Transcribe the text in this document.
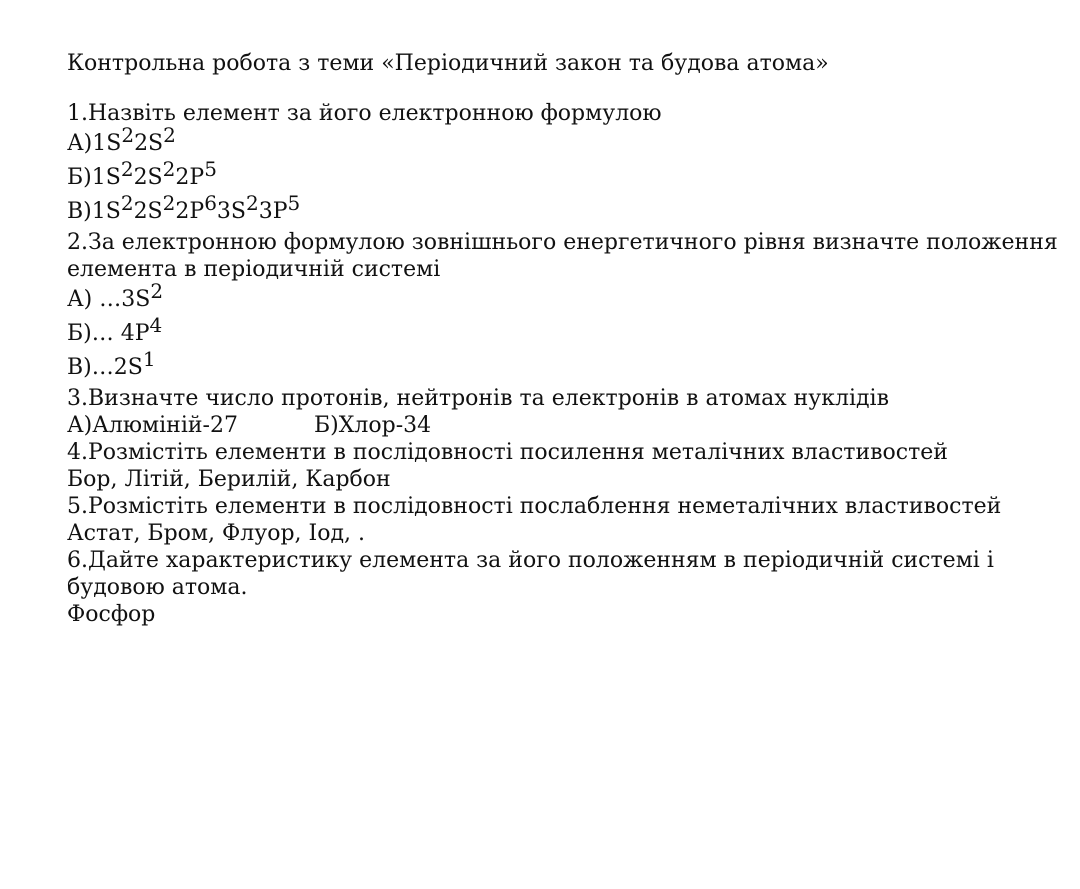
Контрольна робота з теми «Періодичний закон та будова атома»
1.Назвіть елемент за його електронною формулою
$А)1S^22S^2$
$Б)1S^22S^22P^5$
$В)1S^22S^22P^63S^23P^5$
2.За електронною формулою зовнішнього енергетичного рівня визначте положення елемента в періодичній системі
А) $\dots 3S^2$
Б)… $4P^4$
$В)\dots 2S^1$
3.Визначте число протонів, нейтронів та електронів в атомах нуклідів
А)Алюміній-27	Б)Хлор-34
4.Розмістіть елементи в послідовності посилення металічних властивостей
Бор, Літій, Берилій, Карбон
5.Розмістіть елементи в послідовності послаблення неметалічних властивостей
Астат, Бром, Флуор, Іод, .
6.Дайте характеристику елемента за його положенням в періодичній системі і будовою атома.
Фосфор
